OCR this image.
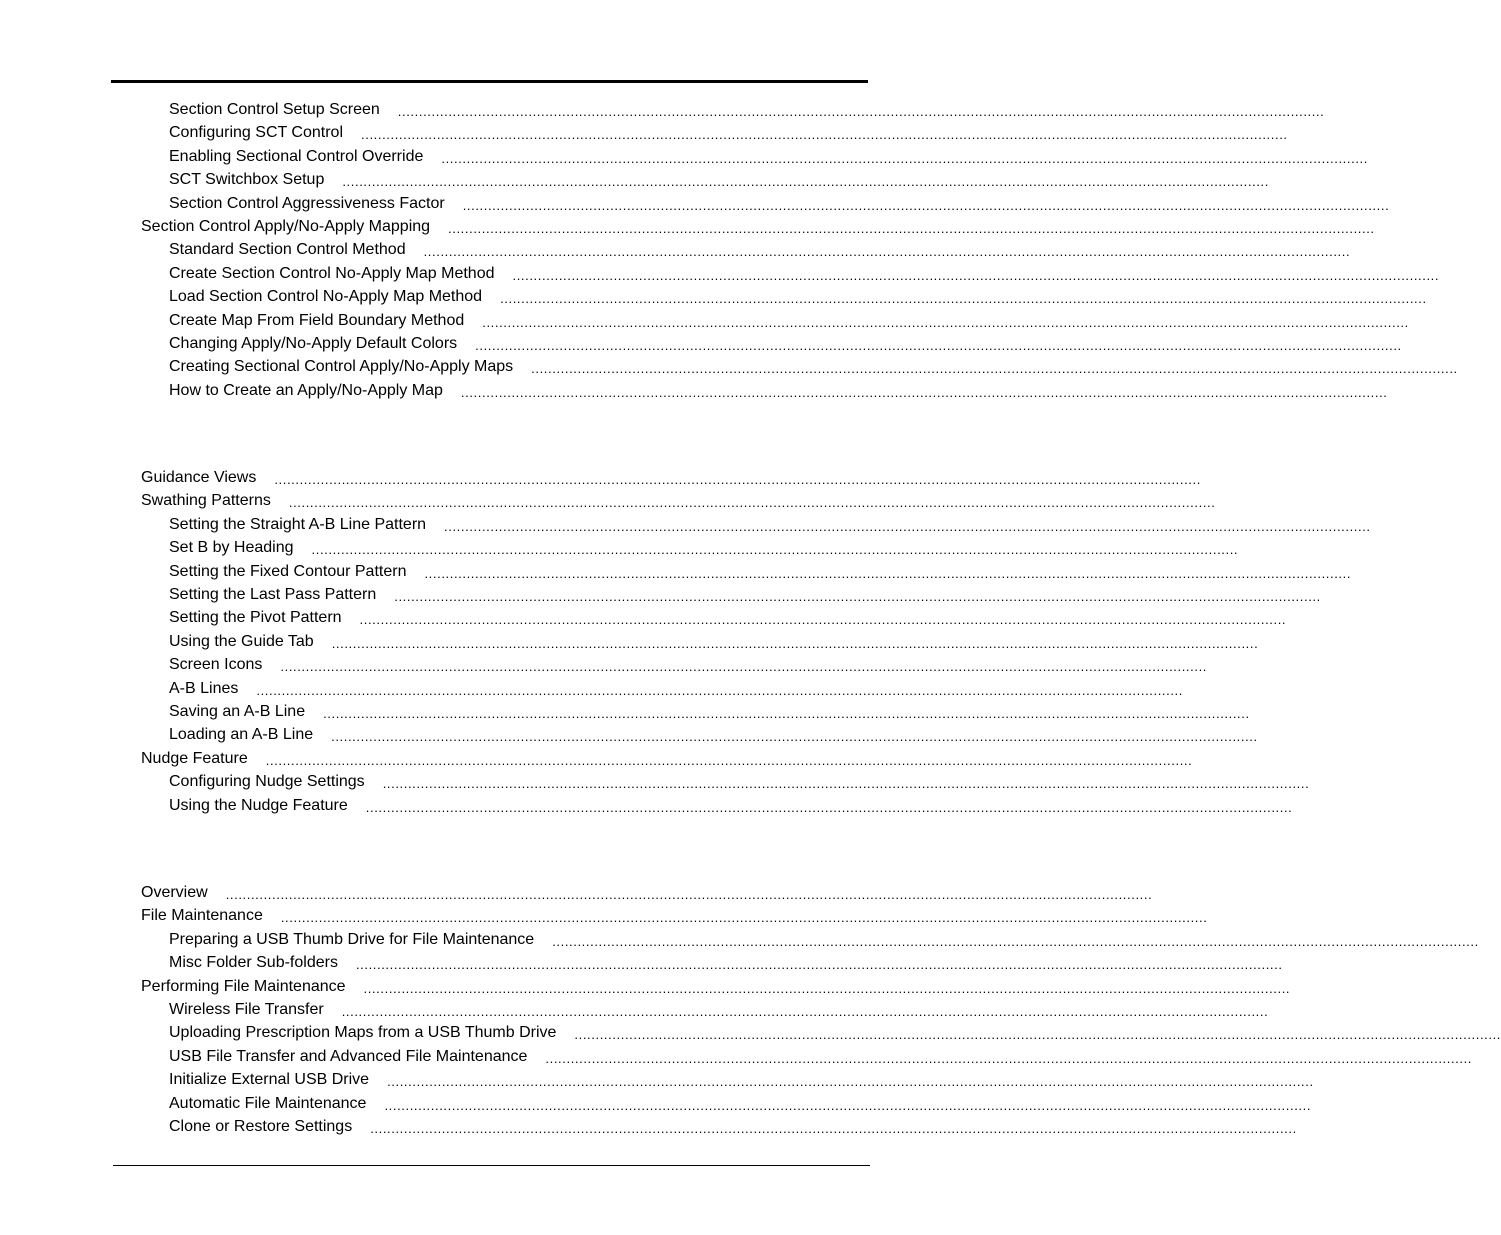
Section Control Setup Screen	............................................................................................................................................................................................................................
Configuring SCT Control	............................................................................................................................................................................................................................
Enabling Sectional Control Override	............................................................................................................................................................................................................................
SCT Switchbox Setup	............................................................................................................................................................................................................................
Section Control Aggressiveness Factor	............................................................................................................................................................................................................................
Section Control Apply/No-Apply Mapping	............................................................................................................................................................................................................................
Standard Section Control Method	............................................................................................................................................................................................................................
Create Section Control No-Apply Map Method	............................................................................................................................................................................................................................
Load Section Control No-Apply Map Method	............................................................................................................................................................................................................................
Create Map From Field Boundary Method	............................................................................................................................................................................................................................
Changing Apply/No-Apply Default Colors	............................................................................................................................................................................................................................
Creating Sectional Control Apply/No-Apply Maps	............................................................................................................................................................................................................................
How to Create an Apply/No-Apply Map	............................................................................................................................................................................................................................
Guidance Views	............................................................................................................................................................................................................................
Swathing Patterns	............................................................................................................................................................................................................................
Setting the Straight A-B Line Pattern	............................................................................................................................................................................................................................
Set B by Heading	............................................................................................................................................................................................................................
Setting the Fixed Contour Pattern	............................................................................................................................................................................................................................
Setting the Last Pass Pattern	............................................................................................................................................................................................................................
Setting the Pivot Pattern	............................................................................................................................................................................................................................
Using the Guide Tab	............................................................................................................................................................................................................................
Screen Icons	............................................................................................................................................................................................................................
A-B Lines	............................................................................................................................................................................................................................
Saving an A-B Line	............................................................................................................................................................................................................................
Loading an A-B Line	............................................................................................................................................................................................................................
Nudge Feature	............................................................................................................................................................................................................................
Configuring Nudge Settings	............................................................................................................................................................................................................................
Using the Nudge Feature	............................................................................................................................................................................................................................
Overview	............................................................................................................................................................................................................................
File Maintenance	............................................................................................................................................................................................................................
Preparing a USB Thumb Drive for File Maintenance	............................................................................................................................................................................................................................
Misc Folder Sub-folders	............................................................................................................................................................................................................................
Performing File Maintenance	............................................................................................................................................................................................................................
Wireless File Transfer	............................................................................................................................................................................................................................
Uploading Prescription Maps from a USB Thumb Drive	............................................................................................................................................................................................................................
USB File Transfer and Advanced File Maintenance	............................................................................................................................................................................................................................
Initialize External USB Drive	............................................................................................................................................................................................................................
Automatic File Maintenance	............................................................................................................................................................................................................................
Clone or Restore Settings	............................................................................................................................................................................................................................
